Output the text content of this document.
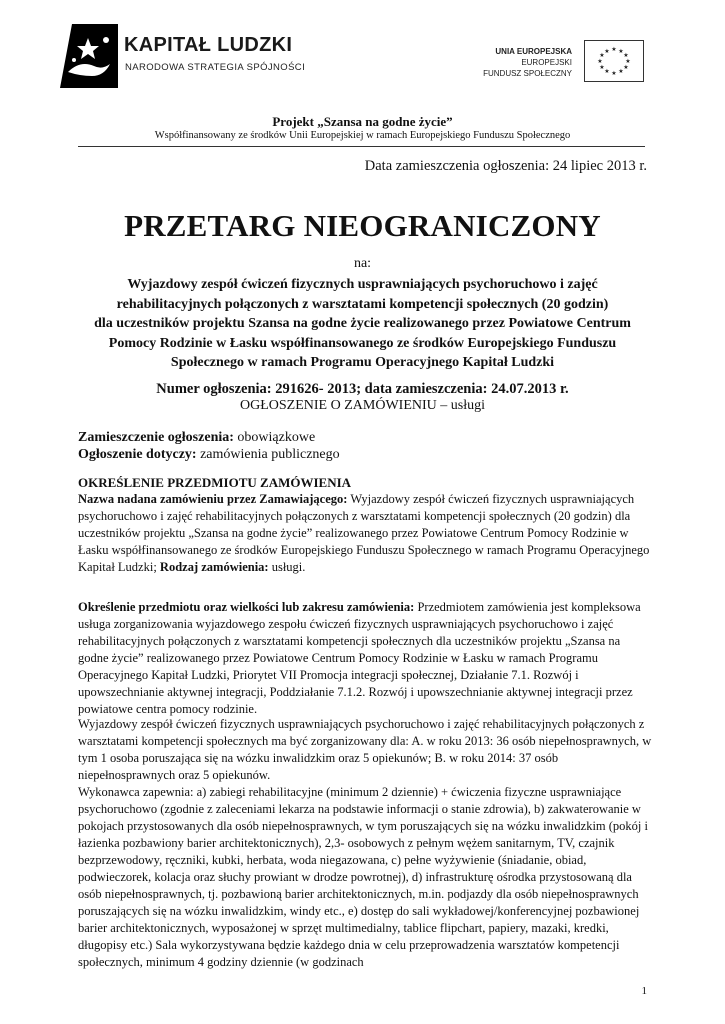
KAPITAŁ LUDZKI
NARODOWA STRATEGIA SPÓJNOŚCI
UNIA EUROPEJSKA
EUROPEJSKI
FUNDUSZ SPOŁECZNY
★ ★
★
★
★
★
★
★
★
★
★
★
Projekt „Szansa na godne życie”
Współfinansowany ze środków Unii Europejskiej w ramach Europejskiego Funduszu Społecznego
Data zamieszczenia ogłoszenia: 24 lipiec 2013 r.
PRZETARG NIEOGRANICZONY
na:
Wyjazdowy zespół ćwiczeń fizycznych usprawniających psychoruchowo i zajęć
rehabilitacyjnych połączonych z warsztatami kompetencji społecznych (20 godzin)
dla uczestników projektu Szansa na godne życie realizowanego przez Powiatowe Centrum
Pomocy Rodzinie w Łasku współfinansowanego ze środków Europejskiego Funduszu
Społecznego w ramach Programu Operacyjnego Kapitał Ludzki
Numer ogłoszenia: 291626- 2013; data zamieszczenia: 24.07.2013 r.
OGŁOSZENIE O ZAMÓWIENIU – usługi
Zamieszczenie ogłoszenia: obowiązkowe
Ogłoszenie dotyczy: zamówienia publicznego
OKREŚLENIE PRZEDMIOTU ZAMÓWIENIA
Nazwa nadana zamówieniu przez Zamawiającego: Wyjazdowy zespół ćwiczeń fizycznych usprawniających psychoruchowo i zajęć rehabilitacyjnych połączonych z warsztatami kompetencji społecznych (20 godzin) dla uczestników projektu „Szansa na godne życie” realizowanego przez Powiatowe Centrum Pomocy Rodzinie w Łasku współfinansowanego ze środków Europejskiego Funduszu Społecznego w ramach Programu Operacyjnego Kapitał Ludzki; Rodzaj zamówienia: usługi.
Określenie przedmiotu oraz wielkości lub zakresu zamówienia: Przedmiotem zamówienia jest kompleksowa usługa zorganizowania wyjazdowego zespołu ćwiczeń fizycznych usprawniających psychoruchowo i zajęć rehabilitacyjnych połączonych z warsztatami kompetencji społecznych dla uczestników projektu „Szansa na godne życie” realizowanego przez Powiatowe Centrum Pomocy Rodzinie w Łasku w ramach Programu Operacyjnego Kapitał Ludzki, Priorytet VII Promocja integracji społecznej, Działanie 7.1. Rozwój i upowszechnianie aktywnej integracji, Poddziałanie 7.1.2. Rozwój i upowszechnianie aktywnej integracji przez powiatowe centra pomocy rodzinie.
Wyjazdowy zespół ćwiczeń fizycznych usprawniających psychoruchowo i zajęć rehabilitacyjnych połączonych z warsztatami kompetencji społecznych ma być zorganizowany dla: A. w roku 2013: 36 osób niepełnosprawnych, w tym 1 osoba poruszająca się na wózku inwalidzkim oraz 5 opiekunów; B. w roku 2014: 37 osób niepełnosprawnych oraz 5 opiekunów.
Wykonawca zapewnia: a) zabiegi rehabilitacyjne (minimum 2 dziennie) + ćwiczenia fizyczne usprawniające psychoruchowo (zgodnie z zaleceniami lekarza na podstawie informacji o stanie zdrowia), b) zakwaterowanie w pokojach przystosowanych dla osób niepełnosprawnych, w tym poruszających się na wózku inwalidzkim (pokój i łazienka pozbawiony barier architektonicznych), 2,3- osobowych z pełnym wężem sanitarnym, TV, czajnik bezprzewodowy, ręczniki, kubki, herbata, woda niegazowana, c) pełne wyżywienie (śniadanie, obiad, podwieczorek, kolacja oraz słuchy prowiant w drodze powrotnej), d) infrastrukturę ośrodka przystosowaną dla osób niepełnosprawnych, tj. pozbawioną barier architektonicznych, m.in. podjazdy dla osób niepełnosprawnych poruszających się na wózku inwalidzkim, windy etc., e) dostęp do sali wykładowej/konferencyjnej pozbawionej barier architektonicznych, wyposażonej w sprzęt multimedialny, tablice flipchart, papiery, mazaki, kredki, długopisy etc.) Sala wykorzystywana będzie każdego dnia w celu przeprowadzenia warsztatów kompetencji społecznych, minimum 4 godziny dziennie (w godzinach
1
